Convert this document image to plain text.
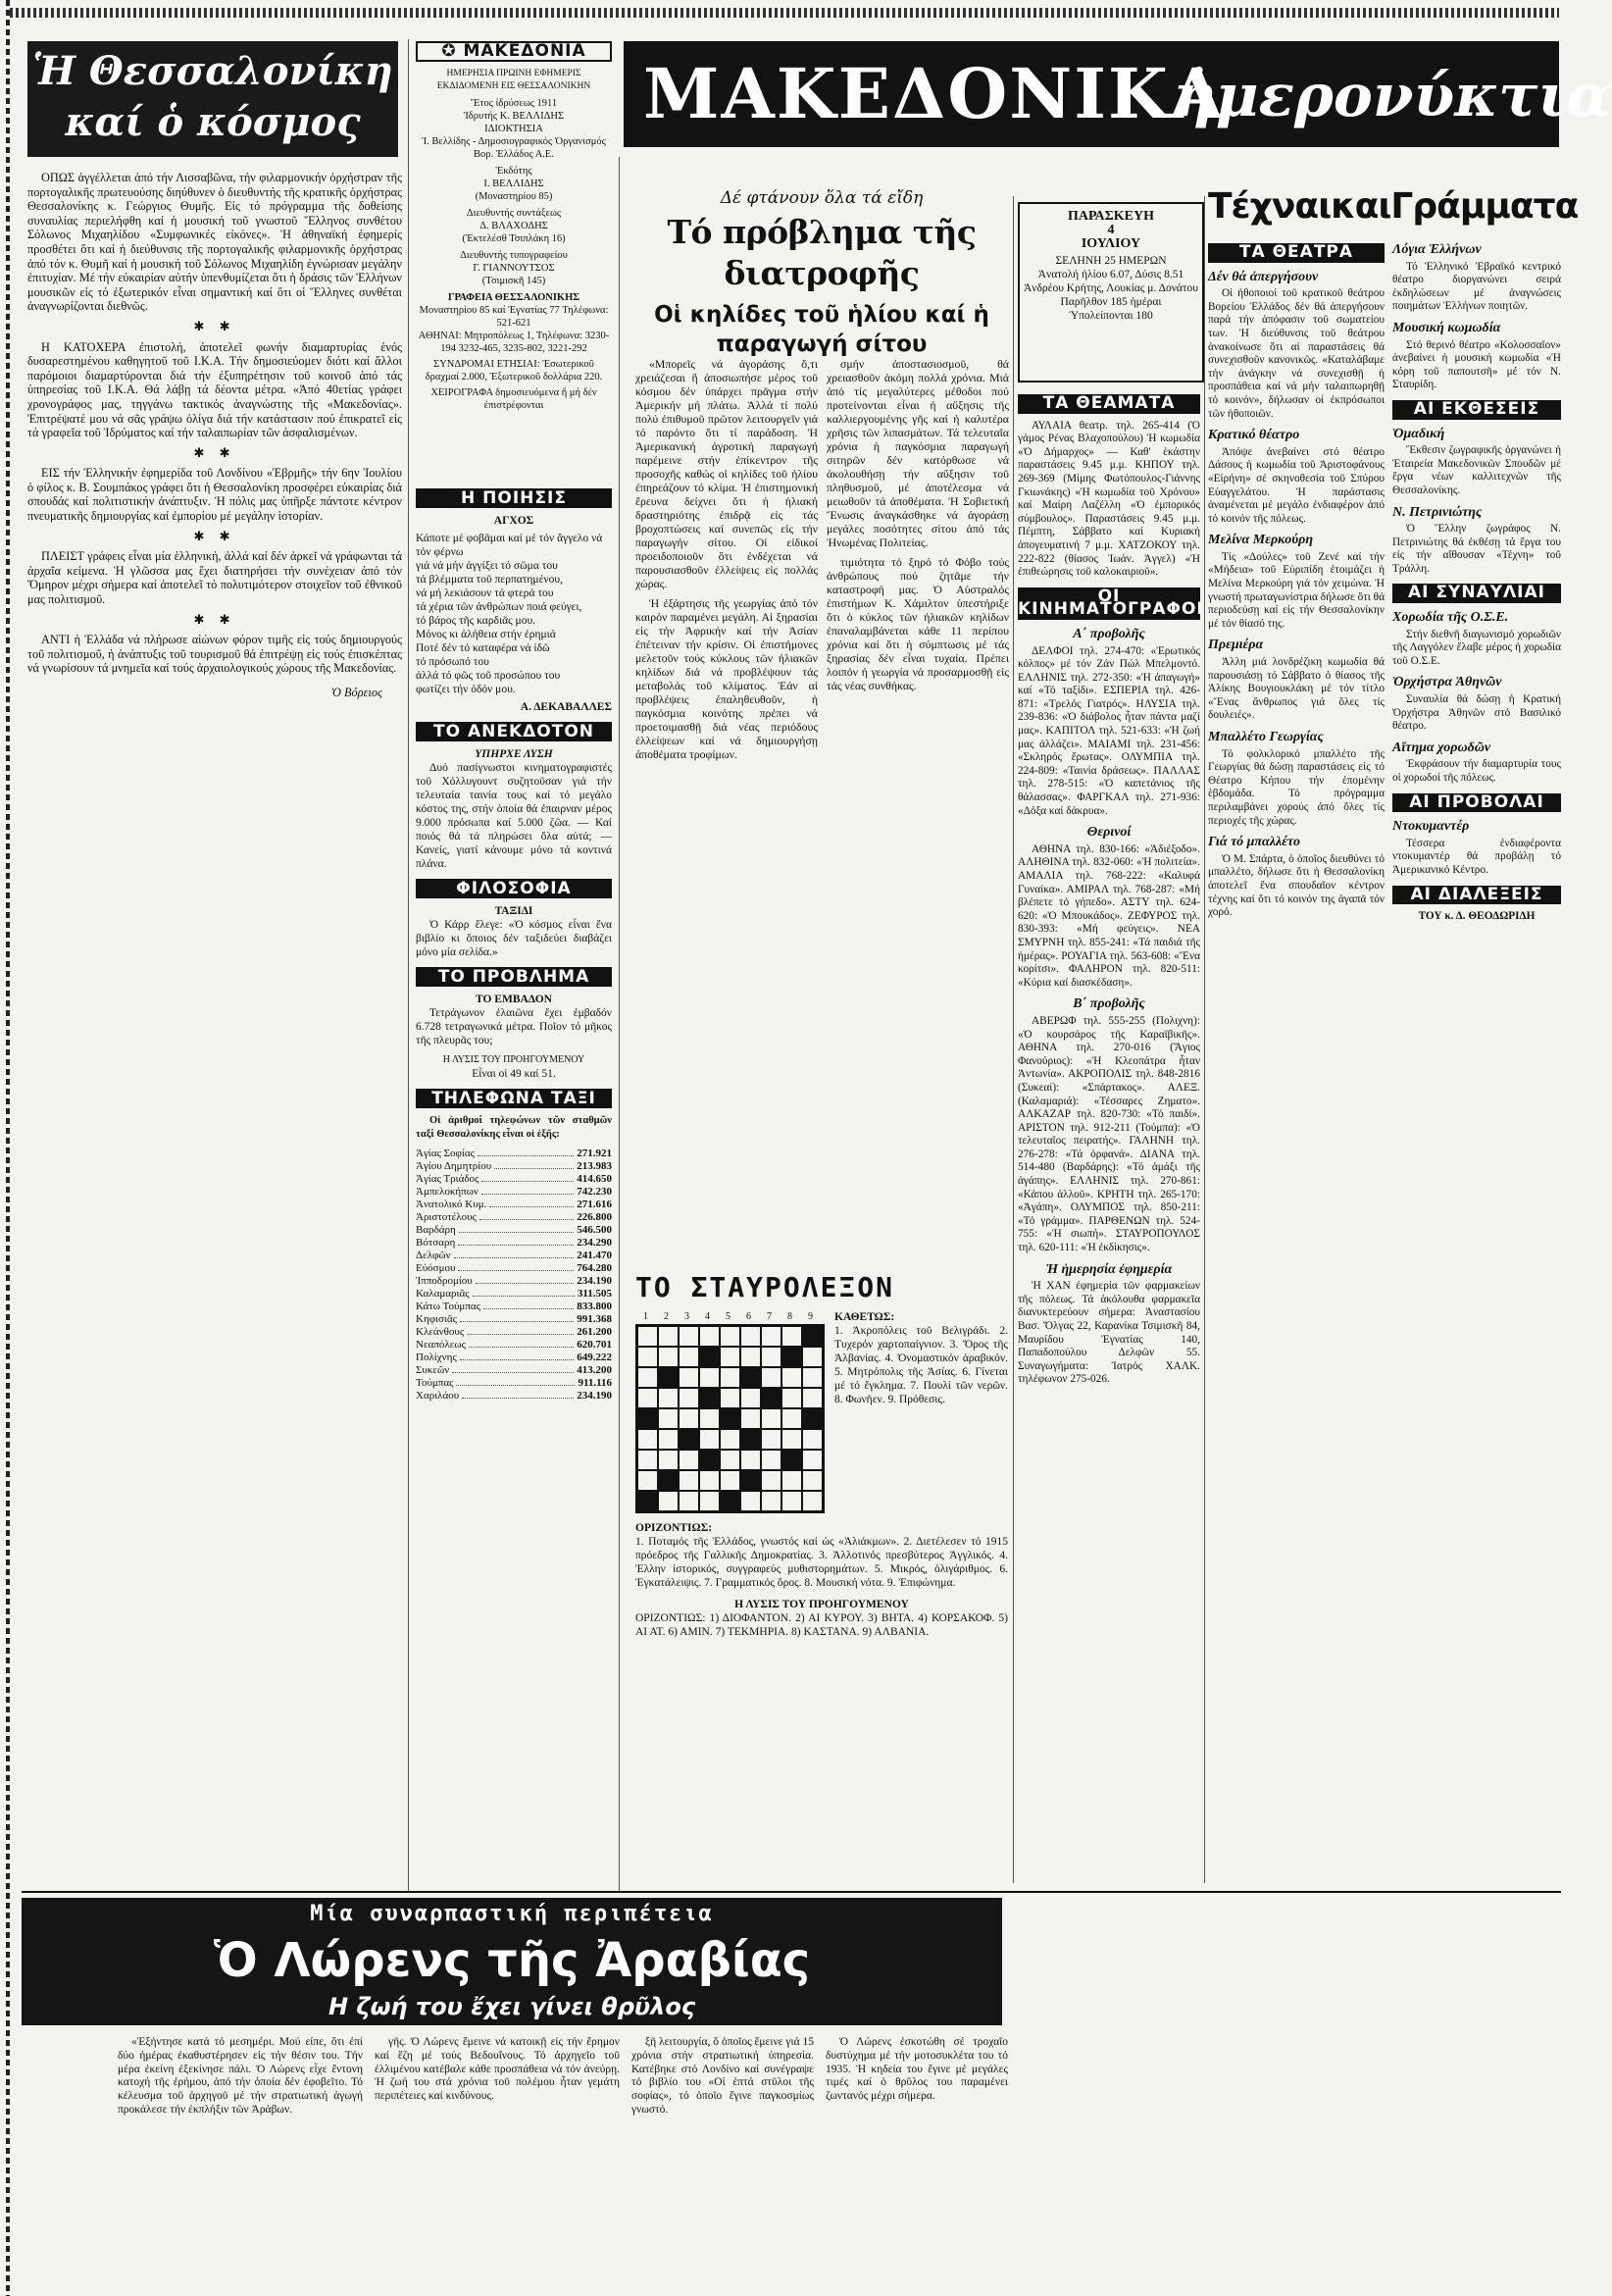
Ἡ Θεσσαλονίκη
καί ὁ κόσμος

ΟΠΩΣ ἀγγέλλεται ἀπό τήν Λισσαβῶνα, τήν φιλαρμονικήν ὀρχήστραν τῆς πορτογαλικῆς πρωτευούσης διηύθυνεν ὁ διευθυντής τῆς κρατικῆς ὀρχήστρας Θεσσαλονίκης κ. Γεώργιος Θυμῆς. Εἰς τό πρόγραμμα τῆς δοθείσης συναυλίας περιελήφθη καί ἡ μουσική τοῦ γνωστοῦ Ἕλληνος συνθέτου Σόλωνος Μιχαηλίδου «Συμφωνικές εἰκόνες». Ἡ ἀθηναϊκή ἐφημερίς προσθέτει ὅτι καί ἡ διεύθυνσις τῆς πορτογαλικῆς φιλαρμονικῆς ὀρχήστρας ἀπό τόν κ. Θυμῆ καί ἡ μουσική τοῦ Σόλωνος Μιχαηλίδη ἐγνώρισαν μεγάλην ἐπιτυχίαν. Μέ τήν εὐκαιρίαν αὐτήν ὑπενθυμίζεται ὅτι ἡ δράσις τῶν Ἑλλήνων μουσικῶν εἰς τό ἐξωτερικόν εἶναι σημαντική καί ὅτι οἱ Ἕλληνες συνθέται ἀναγνωρίζονται διεθνῶς.

✱ ✱

Η ΚΑΤΟΧΕΡΑ ἐπιστολή, ἀποτελεῖ φωνήν διαμαρτυρίας ἑνός δυσαρεστημένου καθηγητοῦ τοῦ Ι.Κ.Α. Τήν δημοσιεύομεν διότι καί ἄλλοι παρόμοιοι διαμαρτύρονται διά τήν ἐξυπηρέτησιν τοῦ κοινοῦ ἀπό τάς ὑπηρεσίας τοῦ Ι.Κ.Α. Θά λάβῃ τά δέοντα μέτρα. «Ἀπό 40ετίας γράφει χρονογράφος μας, τηγγάνω τακτικός ἀναγνώστης τῆς «Μακεδονίας». Ἐπιτρέψατέ μου νά σᾶς γράψω ὀλίγα διά τήν κατάστασιν πού ἐπικρατεῖ εἰς τά γραφεῖα τοῦ Ἱδρύματος καί τήν ταλαιπωρίαν τῶν ἀσφαλισμένων.

✱ ✱

ΕΙΣ τήν Ἑλληνικήν ἐφημερίδα τοῦ Λονδίνου «Ἑβρμῆς» τήν 6ην Ἰουλίου ὁ φίλος κ. Β. Σουμπάκος γράφει ὅτι ἡ Θεσσαλονίκη προσφέρει εὐκαιρίας διά σπουδάς καί πολιτιστικήν ἀνάπτυξιν. Ἡ πόλις μας ὑπῆρξε πάντοτε κέντρον πνευματικῆς δημιουργίας καί ἐμπορίου μέ μεγάλην ἱστορίαν.

✱ ✱

ΠΛΕΙΣΤ γράφεις εἶναι μία ἑλληνική, ἀλλά καί δέν ἀρκεῖ νά γράφωνται τά ἀρχαῖα κείμενα. Ἡ γλῶσσα μας ἔχει διατηρήσει τήν συνέχειαν ἀπό τόν Ὅμηρον μέχρι σήμερα καί ἀποτελεῖ τό πολυτιμότερον στοιχεῖον τοῦ ἐθνικοῦ μας πολιτισμοῦ.

✱ ✱

ΑΝΤΙ ἡ Ἑλλάδα νά πλήρωσε αἰώνων φόρον τιμῆς εἰς τούς δημιουργούς τοῦ πολιτισμοῦ, ἡ ἀνάπτυξις τοῦ τουρισμοῦ θά ἐπιτρέψῃ εἰς τούς ἐπισκέπτας νά γνωρίσουν τά μνημεῖα καί τούς ἀρχαιολογικούς χώρους τῆς Μακεδονίας.

Ὁ Βόρειος
✪ ΜΑΚΕΔΟΝΙΑ
ΗΜΕΡΗΣΙΑ ΠΡΩΙΝΗ ΕΦΗΜΕΡΙΣ ΕΚΔΙΔΟΜΕΝΗ ΕΙΣ ΘΕΣΣΑΛΟΝΙΚΗΝ
Ἔτος ἱδρύσεως 1911
Ἱδρυτής Κ. ΒΕΛΛΙΔΗΣ
ΙΔΙΟΚΤΗΣΙΑ
Ἰ. Βελλίδης - Δημοσιογραφικός Ὀργανισμός Βορ. Ἑλλάδος Α.Ε.
Ἐκδότης
Ι. ΒΕΛΛΙΔΗΣ
(Μοναστηρίου 85)
Διευθυντής συντάξεως
Δ. ΒΛΑΧΟΔΗΣ
(Ἐκτελέσθ Τσιπλάκη 16)
Διευθυντής τυπογραφείου
Γ. ΓΙΑΝΝΟΥΤΣΟΣ
(Τσιμισκῆ 145)
ΓΡΑΦΕΙΑ ΘΕΣΣΑΛΟΝΙΚΗΣ
Μοναστηρίου 85 καί Ἐγνατίας 77 Τηλέφωνα: 521-621
ΑΘΗΝΑΙ: Μητροπόλεως 1, Τηλέφωνα: 3230-194 3232-465, 3235-802, 3221-292
ΣΥΝΔΡΟΜΑΙ ΕΤΗΣΙΑΙ: Ἐσωτερικοῦ δραχμαί 2.000, Ἐξωτερικοῦ δολλάρια 220.
ΧΕΙΡΟΓΡΑΦΑ δημοσιευόμενα ἤ μή δέν ἐπιστρέφονται
Η ΠΟΙΗΣΙΣ
ΑΓΧΟΣ
Κάποτε μέ φοβᾶμαι καί μέ τόν ἄγγελο νά τόν φέρνω
γιά νά μήν ἀγγίξει τό σῶμα του
τά βλέμματα τοῦ περπατημένου,
νά μή λεκιάσουν τά φτερά του
τά χέρια τῶν ἀνθρώπων ποιά φεύγει,
τό βάρος τῆς καρδιᾶς μου.
Μόνος κι ἀλήθεια στήν ἐρημιά
Ποτέ δέν τό καταφέρα νά ἰδῶ
τό πρόσωπό του
ἀλλά τό φῶς τοῦ προσώπου του
φωτίζει τήν ὁδόν μου.
Α. ΔΕΚΑΒΑΛΛΕΣ
ΤΟ ΑΝΕΚΔΟΤΟΝ
ΥΠΗΡΧΕ ΛΥΣΗ

Δυό πασίγνωστοι κινηματογραφιστές τοῦ Χόλλυγουντ συζητοῦσαν γιά τήν τελευταία ταινία τους καί τό μεγάλο κόστος της, στήν ὁποία θά ἐπαιρναν μέρος 9.000 πρόσωπα καί 5.000 ζῶα. — Καί ποιός θά τά πληρώσει ὅλα αὐτά; — Κανείς, γιατί κάνουμε μόνο τά κοντινά πλάνα.

ΦΙΛΟΣΟΦΙΑ
ΤΑΞΙΔΙ

Ὁ Κάρρ ἔλεγε: «Ὁ κόσμος εἶναι ἕνα βιβλίο κι ὅποιος δέν ταξιδεύει διαβάζει μόνο μία σελίδα.»

ΤΟ ΠΡΟΒΛΗΜΑ
ΤΟ ΕΜΒΑΔΟΝ

Τετράγωνον ἐλαιῶνα ἔχει ἐμβαδόν 6.728 τετραγωνικά μέτρα. Ποῖον τό μῆκος τῆς πλευρᾶς του;

Η ΛΥΣΙΣ ΤΟΥ ΠΡΟΗΓΟΥΜΕΝΟΥ
Εἶναι οἱ 49 καί 51.
ΤΗΛΕΦΩΝΑ ΤΑΞΙ

Οἱ ἀριθμοί τηλεφώνων τῶν σταθμῶν ταξί Θεσσαλονίκης εἶναι οἱ ἑξῆς:

Ἀγίας Σοφίας	271.921
Ἁγίου Δημητρίου	213.983
Ἁγίας Τριάδος	414.650
Ἀμπελοκήπων	742.230
Ἀνατολικό Κυμ.	271.616
Ἀριστοτέλους	226.800
Βαρδάρη	546.500
Βότσαρη	234.290
Δελφῶν	241.470
Εὐόσμου	764.280
Ἰπποδρομίου	234.190
Καλαμαριᾶς	311.505
Κάτω Τούμπας	833.800
Κηφισιᾶς	991.368
Κλεάνθους	261.200
Νεαπόλεως	620.701
Πολίχνης	649.222
Συκεῶν	413.200
Τούμπας	911.116
Χαριλάου	234.190
ΜΑΚΕΔΟΝΙΚΑ
ἡμερονύκτια
Δέ φτάνουν ὅλα τά εἴδη
Τό πρόβλημα τῆς διατροφῆς
Οἱ κηλίδες τοῦ ἡλίου καί ἡ παραγωγή σίτου

«Μπορεῖς νά ἀγοράσης ὅ,τι χρειάζεσαι ἤ ἀποσιωπήσε μέρος τοῦ κόσμου δέν ὑπάρχει πρᾶγμα στήν Ἀμερικήν μή πλάτω. Ἀλλά τί πολύ πολύ ἐπιθυμοῦ πρῶτον λειτουργεῖν γιά τό παρόντο ὅτι τί παράδοση. Ἡ Ἀμερικανική ἀγροτική παραγωγή παρέμεινε στήν ἐπίκεντρον τῆς προσοχῆς καθώς οἱ κηλίδες τοῦ ἡλίου ἐπηρεάζουν τό κλίμα. Ἡ ἐπιστημονική ἔρευνα δείχνει ὅτι ἡ ἡλιακή δραστηριότης ἐπιδρᾷ εἰς τάς βροχοπτώσεις καί συνεπῶς εἰς τήν παραγωγήν σίτου. Οἱ εἰδικοί προειδοποιοῦν ὅτι ἐνδέχεται νά παρουσιασθοῦν ἐλλείψεις εἰς πολλάς χώρας.

Ἡ ἐξάρτησις τῆς γεωργίας ἀπό τόν καιρόν παραμένει μεγάλη. Αἱ ξηρασίαι εἰς τήν Ἀφρικήν καί τήν Ἀσίαν ἐπέτειναν τήν κρίσιν. Οἱ ἐπιστήμονες μελετοῦν τούς κύκλους τῶν ἡλιακῶν κηλίδων διά νά προβλέψουν τάς μεταβολάς τοῦ κλίματος. Ἐάν αἱ προβλέψεις ἐπαληθευθοῦν, ἡ παγκόσμια κοινότης πρέπει νά προετοιμασθῇ διά νέας περιόδους ἐλλείψεων καί νά δημιουργήσῃ ἀποθέματα τροφίμων.

σμήν ἀποστασιοσμοῦ, θά χρειασθοῦν ἀκόμη πολλά χρόνια. Μιά ἀπό τίς μεγαλύτερες μέθοδοι πού προτείνονται εἶναι ἡ αὔξησις τῆς καλλιεργουμένης γῆς καί ἡ καλυτέρα χρῆσις τῶν λιπασμάτων. Τά τελευταῖα χρόνια ἡ παγκόσμια παραγωγή σιτηρῶν δέν κατόρθωσε νά ἀκολουθήσῃ τήν αὔξησιν τοῦ πληθυσμοῦ, μέ ἀποτέλεσμα νά μειωθοῦν τά ἀποθέματα. Ἡ Σοβιετική Ἕνωσις ἀναγκάσθηκε νά ἀγοράσῃ μεγάλες ποσότητες σίτου ἀπό τάς Ἡνωμένας Πολιτείας.

τιμιότητα τό ξηρό τό Φόβο τούς ἀνθρώπους πού ζητᾶμε τήν καταστροφή μας. Ὁ Αὐστραλός ἐπιστήμων Κ. Χάμιλτον ὑπεστήριξε ὅτι ὁ κύκλος τῶν ἡλιακῶν κηλίδων ἐπαναλαμβάνεται κάθε 11 περίπου χρόνια καί ὅτι ἡ σύμπτωσις μέ τάς ξηρασίας δέν εἶναι τυχαία. Πρέπει λοιπόν ἡ γεωργία νά προσαρμοσθῇ εἰς τάς νέας συνθήκας.

ΤΟ ΣΤΑΥΡΟΛΕΞΟΝ
1	2	3	4	5	6	7	8	9	ΚΑΘΕΤΩΣ:
1. Ἀκροπόλεις τοῦ Βελιγράδι. 2. Τυχερόν χαρτοπαίγνιον. 3. Ὅρος τῆς Ἀλβανίας. 4. Ὀνομαστικόν ἀραβικόν. 5. Μητρόπολις τῆς Ἀσίας. 6. Γίνεται μέ τό ἔγκλημα. 7. Πουλί τῶν νερῶν. 8. Φωνῆεν. 9. Πρόθεσις.
ΟΡΙΖΟΝΤΙΩΣ:
1. Ποταμός τῆς Ἑλλάδος, γνωστός καί ὡς «Ἀλιάκμων». 2. Διετέλεσεν τό 1915 πρόεδρος τῆς Γαλλικῆς Δημοκρατίας. 3. Ἀλλοτινός πρεσβύτερος Ἀγγλικός. 4. Ἐλλην ἱστορικός, συγγραφεύς μυθιστορημάτων. 5. Μικρός, ὀλιγάριθμος. 6. Ἐγκατάλειψις. 7. Γραμματικός ὅρος. 8. Μουσική νότα. 9. Ἐπιφώνημα.
Η ΛΥΣΙΣ ΤΟΥ ΠΡΟΗΓΟΥΜΕΝΟΥ
ΟΡΙΖΟΝΤΙΩΣ: 1) ΔΙΟΦΑΝΤΟΝ. 2) ΑΙ ΚΥΡΟΥ. 3) ΒΗΤΑ. 4) ΚΟΡΣΑΚΟΦ. 5) ΑΙ ΑΤ. 6) ΑΜΙΝ. 7) ΤΕΚΜΗΡΙΑ. 8) ΚΑΣΤΑΝΑ. 9) ΑΛΒΑΝΙΑ.
ΠΑΡΑΣΚΕΥΗ
4
ΙΟΥΛΙΟΥ
ΣΕΛΗΝΗ 25 ΗΜΕΡΩΝ
Ἀνατολή ἡλίου 6.07, Δύσις 8.51
Ἀνδρέου Κρήτης, Λουκίας μ. Δονάτου
Παρῆλθον 185 ἡμέραι
Ὑπολείπονται 180
ΤΑ ΘΕΑΜΑΤΑ

ΑΥΛΑΙΑ θεατρ. τηλ. 265-414 (Ὁ γάμος Ρένας Βλαχοπούλου) Ἡ κωμωδία «Ὁ Δήμαρχος» — Καθ' ἑκάστην παραστάσεις 9.45 μ.μ. ΚΗΠΟΥ τηλ. 269-369 (Μίμης Φωτόπουλος-Γιάννης Γκιωνάκης) «Ἡ κωμωδία τοῦ Χρόνου» καί Μαίρη Λαζέλλη «Ὁ ἐμπορικός σύμβουλος». Παραστάσεις 9.45 μ.μ. Πέμπτη, Σάββατο καί Κυριακή ἀπογευματινή 7 μ.μ. ΧΑΤΖΟΚΟΥ τηλ. 222-822 (θίασος Ἰωάν. Ἀγγελ) «Ἡ ἐπιθεώρησις τοῦ καλοκαιριοῦ».

ΟΙ ΚΙΝΗΜΑΤΟΓΡΑΦΟΙ
Α΄ προβολῆς

ΔΕΛΦΟΙ τηλ. 274-470: «Ἐρωτικός κόλπος» μέ τόν Ζάν Πώλ Μπελμοντό. ΕΛΛΗΝΙΣ τηλ. 272-350: «Ἡ ἀπαγωγή» καί «Τό ταξίδι». ΕΣΠΕΡΙΑ τηλ. 426-871: «Τρελός Γιατρός». ΗΛΥΣΙΑ τηλ. 239-836: «Ὁ διάβολος ἦταν πάντα μαζί μας». ΚΑΠΙΤΟΛ τηλ. 521-633: «Ἡ ζωή μας ἀλλάζει». ΜΑΙΑΜΙ τηλ. 231-456: «Σκληρός ἔρωτας». ΟΛΥΜΠΙΑ τηλ. 224-809: «Ταινία δράσεως». ΠΑΛΛΑΣ τηλ. 278-515: «Ὁ καπετάνιος τῆς θάλασσας». ΦΑΡΓΚΑΛ τηλ. 271-936: «Δόξα καί δάκρυα».

Θερινοί

ΑΘΗΝΑ τηλ. 830-166: «Ἀδιέξοδο». ΑΛΗΘΙΝΑ τηλ. 832-060: «Ἡ πολιτεία». ΑΜΑΛΙΑ τηλ. 768-222: «Καλυφά Γυναίκα». ΑΜΙΡΑΛ τηλ. 768-287: «Μή βλέπετε τό γήπεδο». ΑΣΤΥ τηλ. 624-620: «Ὁ Μπουκάδος». ΖΕΦΥΡΟΣ τηλ. 830-393: «Μή φεύγεις». ΝΕΑ ΣΜΥΡΝΗ τηλ. 855-241: «Τά παιδιά τῆς ἡμέρας». ΡΟΥΑΓΙΑ τηλ. 563-608: «Ἕνα κορίτσι». ΦΑΛΗΡΟΝ τηλ. 820-511: «Κύρια καί διασκέδαση».

Β΄ προβολῆς

ΑΒΕΡΩΦ τηλ. 555-255 (Πολιχνη): «Ὁ κουρσάρος τῆς Καραϊβικῆς». ΑΘΗΝΑ τηλ. 270-016 (Ἅγιος Φανούριος): «Ἡ Κλεοπάτρα ἦταν Ἀντωνία». ΑΚΡΟΠΟΛΙΣ τηλ. 848-2816 (Συκεαί): «Σπάρτακος». ΑΛΕΞ. (Καλαμαριά): «Τέσσαρες Ζηματο». ΑΛΚΑΖΑΡ τηλ. 820-730: «Τό παιδί». ΑΡΙΣΤΟΝ τηλ. 912-211 (Τούμπα): «Ὁ τελευταῖος πειρατής». ΓΑΛΗΝΗ τηλ. 276-278: «Τά ὀρφανά». ΔΙΑΝΑ τηλ. 514-480 (Βαρδάρης): «Τό ἀμάξι τῆς ἀγάπης». ΕΛΛΗΝΙΣ τηλ. 270-861: «Κάπου ἀλλοῦ». ΚΡΗΤΗ τηλ. 265-170: «Ἀγάπη». ΟΛΥΜΠΟΣ τηλ. 850-211: «Τό γράμμα». ΠΑΡΘΕΝΩΝ τηλ. 524-755: «Ἡ σιωπή». ΣΤΑΥΡΟΠΟΥΛΟΣ τηλ. 620-111: «Ἡ ἐκδίκησις».

Ἡ ἡμερησία ἐφημερία

Ἡ ΧΑΝ ἐφημερία τῶν φαρμακείων τῆς πόλεως. Τά ἀκόλουθα φαρμακεῖα διανυκτερεύουν σήμερα: Ἀναστασίου Βασ. Ὄλγας 22, Καρανίκα Τσιμισκῆ 84, Μαυρίδου Ἐγνατίας 140, Παπαδοπούλου Δελφῶν 55. Συναγωγήματα: Ἰατρός ΧΑΛΚ. τηλέφωνον 275-026.

ΤέχναικαιΓράμματα
ΤΑ ΘΕΑΤΡΑ
Δέν θά ἀπεργήσουν

Οἱ ἠθοποιοί τοῦ κρατικοῦ θεάτρου Βορείου Ἑλλάδος δέν θά ἀπεργήσουν παρά τήν ἀπόφασιν τοῦ σωματείου των. Ἡ διεύθυνσις τοῦ θεάτρου ἀνακοίνωσε ὅτι αἱ παραστάσεις θά συνεχισθοῦν κανονικῶς. «Καταλάβαμε τήν ἀνάγκην νά συνεχισθῇ ἡ προσπάθεια καί νά μήν ταλαιπωρηθῇ τό κοινόν», δήλωσαν οἱ ἐκπρόσωποι τῶν ἠθοποιῶν.

Κρατικό θέατρο

Ἀπόψε ἀνεβαίνει στό θέατρο Δάσους ἡ κωμωδία τοῦ Ἀριστοφάνους «Εἰρήνη» σέ σκηνοθεσία τοῦ Σπύρου Εὐαγγελάτου. Ἡ παράστασις ἀναμένεται μέ μεγάλο ἐνδιαφέρον ἀπό τό κοινόν τῆς πόλεως.

Μελίνα Μερκούρη

Τίς «Δούλες» τοῦ Ζενέ καί τήν «Μήδεια» τοῦ Εὐριπίδη ἑτοιμάζει ἡ Μελίνα Μερκούρη γιά τόν χειμώνα. Ἡ γνωστή πρωταγωνίστρια δήλωσε ὅτι θά περιοδεύσῃ καί εἰς τήν Θεσσαλονίκην μέ τόν θίασό της.

Πρεμιέρα

Ἀλλη μιά λονδρέζικη κωμωδία θά παρουσιάσῃ τό Σάββατο ὁ θίασος τῆς Ἀλίκης Βουγιουκλάκη μέ τόν τίτλο «Ἕνας ἄνθρωπος γιά ὅλες τίς δουλειές».

Μπαλλέτο Γεωργίας

Τό φολκλορικό μπαλλέτο τῆς Γεωργίας θά δώσῃ παραστάσεις εἰς τό Θέατρο Κήπου τήν ἑπομένην ἑβδομάδα. Τό πρόγραμμα περιλαμβάνει χορούς ἀπό ὅλες τίς περιοχές τῆς χώρας.

Γιά τό μπαλλέτο

Ὁ Μ. Σπάρτα, ὁ ὁποῖος διευθύνει τό μπαλλέτο, δήλωσε ὅτι ἡ Θεσσαλονίκη ἀποτελεῖ ἕνα σπουδαῖον κέντρον τέχνης καί ὅτι τό κοινόν της ἀγαπᾶ τόν χορό.

Λόγια Ἑλλήνων

Τό Ἑλληνικό Ἑβραϊκό κεντρικό θέατρο διοργανώνει σειρά ἐκδηλώσεων μέ ἀναγνώσεις ποιημάτων Ἑλλήνων ποιητῶν.

Μουσική κωμωδία

Στό θερινό θέατρο «Κολοσσαῖον» ἀνεβαίνει ἡ μουσική κωμωδία «Ἡ κόρη τοῦ παπουτσῆ» μέ τόν Ν. Σταυρίδη.

ΑΙ ΕΚΘΕΣΕΙΣ
Ὁμαδική

Ἔκθεσιν ζωγραφικῆς ὀργανώνει ἡ Ἑταιρεία Μακεδονικῶν Σπουδῶν μέ ἔργα νέων καλλιτεχνῶν τῆς Θεσσαλονίκης.

Ν. Πετρινιώτης

Ὁ Ἕλλην ζωγράφος Ν. Πετρινιώτης θά ἐκθέσῃ τά ἔργα του εἰς τήν αἴθουσαν «Τέχνη» τοῦ Τράλλη.

ΑΙ ΣΥΝΑΥΛΙΑΙ
Χορωδία τῆς Ο.Σ.Ε.

Στήν διεθνῆ διαγωνισμό χορωδιῶν τῆς Λαγγόλεν ἔλαβε μέρος ἡ χορωδία τοῦ Ο.Σ.Ε.

Ὀρχήστρα Ἀθηνῶν

Συναυλία θά δώσῃ ἡ Κρατική Ὀρχήστρα Ἀθηνῶν στό Βασιλικό θέατρο.

Αἴτημα χορωδῶν

Ἐκφράσουν τήν διαμαρτυρία τους οἱ χορωδοί τῆς πόλεως.

ΑΙ ΠΡΟΒΟΛΑΙ
Ντοκυμαντέρ

Τέσσερα ἐνδιαφέροντα ντοκυμαντέρ θά προβάλῃ τό Ἀμερικανικό Κέντρο.

ΑΙ ΔΙΑΛΕΞΕΙΣ
ΤΟΥ κ. Δ. ΘΕΟΔΩΡΙΔΗ
Μία συναρπαστική περιπέτεια
Ὁ Λώρενς τῆς Ἀραβίας
Η ζωή του ἔχει γίνει θρῦλος

«Ἐξήντησε κατά τό μεσημέρι. Μού είπε, ὅτι ἐπί δύο ἡμέρας ἐκαθυστέρησεν εἰς τήν θέσιν του. Τήν μέρα ἐκείνη ἐξεκίνησε πάλι. Ὁ Λώρενς εἶχε ἔντονη κατοχή τῆς ἐρήμου, ἀπό τήν ὁποία δέν ἐφοβεῖτο. Τό κέλευσμα τοῦ ἀρχηγοῦ μέ τήν στρατιωτική ἀγωγή προκάλεσε τήν ἐκπλήξιν τῶν Ἀράβων.

γῆς. Ὁ Λώρενς ἔμεινε νά κατοικῇ εἰς τήν ἔρημον καί ἔζη μέ τούς Βεδουΐνους. Τό ἀρχηγεῖο τοῦ ἐλλιμένου κατέβαλε κάθε προσπάθεια νά τόν ἀνεύρῃ. Ἡ ζωή του στά χρόνια τοῦ πολέμου ἦταν γεμάτη περιπέτειες καί κινδύνους.

ξῆ λειτουργία, ὅ ὁποῖος ἔμεινε γιά 15 χρόνια στήν στρατιωτική ὑπηρεσία. Κατέβηκε στό Λονδίνο καί συνέγραψε τό βιβλίο του «Οἱ ἑπτά στῦλοι τῆς σοφίας», τό ὁποῖο ἔγινε παγκοσμίως γνωστό.

Ὁ Λώρενς ἐσκοτώθη σέ τροχαῖο δυστύχημα μέ τήν μοτοσυκλέτα του τό 1935. Ἡ κηδεία του ἔγινε μέ μεγάλες τιμές καί ὁ θρῦλος του παραμένει ζωντανός μέχρι σήμερα.
